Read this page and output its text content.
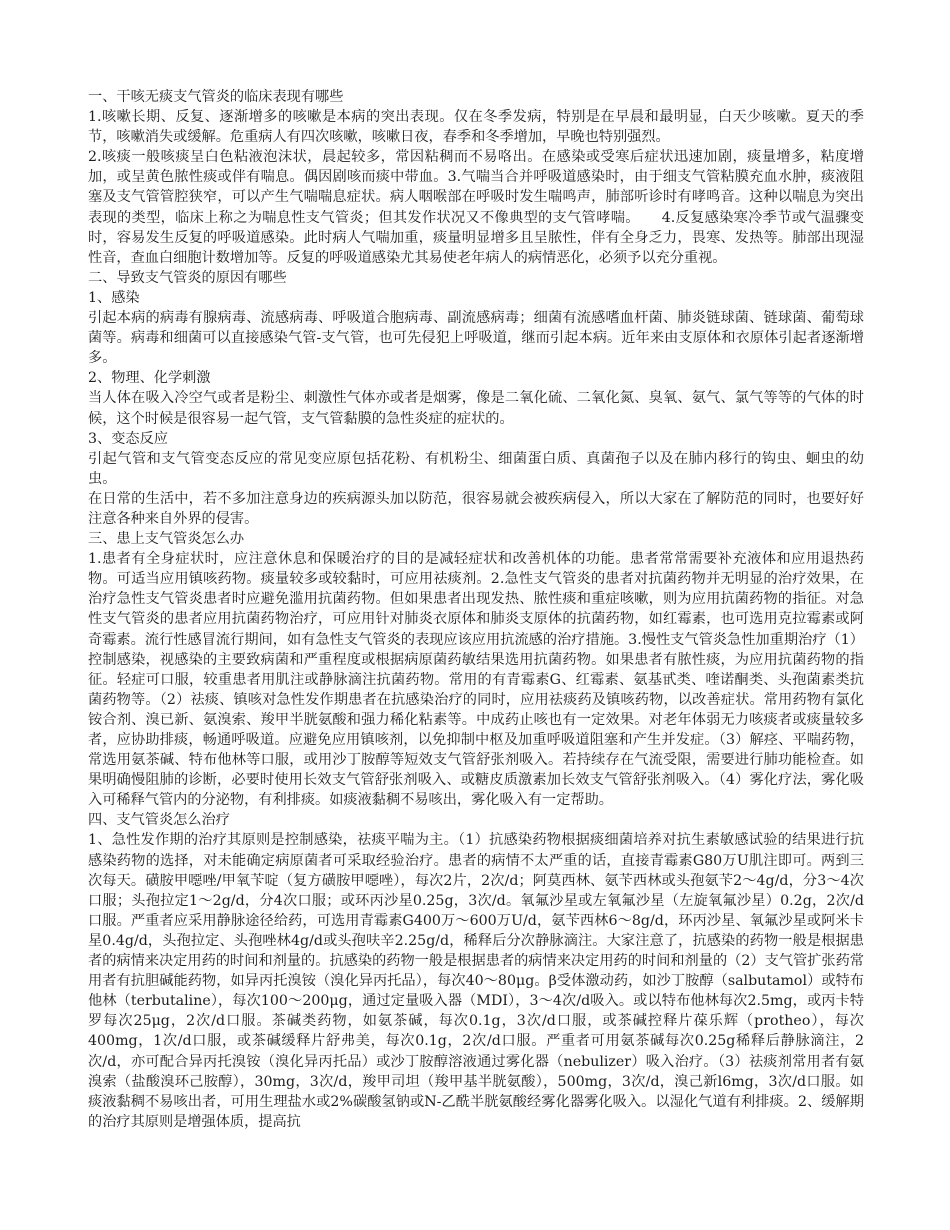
一、干咳无痰支气管炎的临床表现有哪些

1.咳嗽长期、反复、逐渐增多的咳嗽是本病的突出表现。仅在冬季发病，特别是在早晨和最明显，白天少咳嗽。夏天的季节，咳嗽消失或缓解。危重病人有四次咳嗽，咳嗽日夜，春季和冬季增加，早晚也特别强烈。

2.咳痰一般咳痰呈白色粘液泡沫状，晨起较多，常因粘稠而不易咯出。在感染或受寒后症状迅速加剧，痰量增多，粘度增加，或呈黄色脓性痰或伴有喘息。偶因剧咳而痰中带血。3.气喘当合并呼吸道感染时，由于细支气管粘膜充血水肿，痰液阻塞及支气管管腔狭窄，可以产生气喘喘息症状。病人咽喉部在呼吸时发生喘鸣声，肺部听诊时有哮鸣音。这种以喘息为突出表现的类型，临床上称之为喘息性支气管炎；但其发作状况又不像典型的支气管哮喘。　　4.反复感染寒冷季节或气温骤变时，容易发生反复的呼吸道感染。此时病人气喘加重，痰量明显增多且呈脓性，伴有全身乏力，畏寒、发热等。肺部出现湿性音，查血白细胞计数增加等。反复的呼吸道感染尤其易使老年病人的病情恶化，必须予以充分重视。

二、导致支气管炎的原因有哪些

1、感染

引起本病的病毒有腺病毒、流感病毒、呼吸道合胞病毒、副流感病毒；细菌有流感嗜血杆菌、肺炎链球菌、链球菌、葡萄球菌等。病毒和细菌可以直接感染气管-支气管，也可先侵犯上呼吸道，继而引起本病。近年来由支原体和衣原体引起者逐渐增多。

2、物理、化学刺激

当人体在吸入冷空气或者是粉尘、刺激性气体亦或者是烟雾，像是二氧化硫、二氧化氮、臭氧、氨气、氯气等等的气体的时候，这个时候是很容易一起气管，支气管黏膜的急性炎症的症状的。

3、变态反应

引起气管和支气管变态反应的常见变应原包括花粉、有机粉尘、细菌蛋白质、真菌孢子以及在肺内移行的钩虫、蛔虫的幼虫。

在日常的生活中，若不多加注意身边的疾病源头加以防范，很容易就会被疾病侵入，所以大家在了解防范的同时，也要好好注意各种来自外界的侵害。

三、患上支气管炎怎么办

1.患者有全身症状时，应注意休息和保暖治疗的目的是减轻症状和改善机体的功能。患者常常需要补充液体和应用退热药物。可适当应用镇咳药物。痰量较多或较黏时，可应用祛痰剂。2.急性支气管炎的患者对抗菌药物并无明显的治疗效果，在治疗急性支气管炎患者时应避免滥用抗菌药物。但如果患者出现发热、脓性痰和重症咳嗽，则为应用抗菌药物的指征。对急性支气管炎的患者应用抗菌药物治疗，可应用针对肺炎衣原体和肺炎支原体的抗菌药物，如红霉素，也可选用克拉霉素或阿奇霉素。流行性感冒流行期间，如有急性支气管炎的表现应该应用抗流感的治疗措施。3.慢性支气管炎急性加重期治疗（1）控制感染，视感染的主要致病菌和严重程度或根据病原菌药敏结果选用抗菌药物。如果患者有脓性痰，为应用抗菌药物的指征。轻症可口服，较重患者用肌注或静脉滴注抗菌药物。常用的有青霉素G、红霉素、氨基甙类、喹诺酮类、头孢菌素类抗菌药物等。（2）祛痰、镇咳对急性发作期患者在抗感染治疗的同时，应用祛痰药及镇咳药物，以改善症状。常用药物有氯化铵合剂、溴已新、氨溴索、羧甲半胱氨酸和强力稀化粘素等。中成药止咳也有一定效果。对老年体弱无力咳痰者或痰量较多者，应协助排痰，畅通呼吸道。应避免应用镇咳剂，以免抑制中枢及加重呼吸道阻塞和产生并发症。（3）解痉、平喘药物，常选用氨茶碱、特布他林等口服，或用沙丁胺醇等短效支气管舒张剂吸入。若持续存在气流受限，需要进行肺功能检查。如果明确慢阻肺的诊断，必要时使用长效支气管舒张剂吸入、或糖皮质激素加长效支气管舒张剂吸入。（4）雾化疗法，雾化吸入可稀释气管内的分泌物，有利排痰。如痰液黏稠不易咳出，雾化吸入有一定帮助。

四、支气管炎怎么治疗

1、急性发作期的治疗其原则是控制感染，祛痰平喘为主。（1）抗感染药物根据痰细菌培养对抗生素敏感试验的结果进行抗感染药物的选择，对未能确定病原菌者可采取经验治疗。患者的病情不太严重的话，直接青霉素G80万U肌注即可。两到三次每天。磺胺甲噁唑/甲氧苄啶（复方磺胺甲噁唑），每次2片，2次/d；阿莫西林、氨苄西林或头孢氨苄2～4g/d，分3～4次口服；头孢拉定1～2g/d，分4次口服；或环丙沙星0.25g，3次/d。氧氟沙星或左氧氟沙星（左旋氧氟沙星）0.2g，2次/d口服。严重者应采用静脉途径给药，可选用青霉素G400万～600万U/d，氨苄西林6～8g/d，环丙沙星、氧氟沙星或阿米卡星0.4g/d，头孢拉定、头孢唑林4g/d或头孢呋辛2.25g/d，稀释后分次静脉滴注。大家注意了，抗感染的药物一般是根据患者的病情来决定用药的时间和剂量的。抗感染的药物一般是根据患者的病情来决定用药的时间和剂量的（2）支气管扩张药常用者有抗胆碱能药物，如异丙托溴铵（溴化异丙托品），每次40～80μg。β受体激动药，如沙丁胺醇（salbutamol）或特布他林（terbutaline），每次100～200μg，通过定量吸入器（MDI），3～4次/d吸入。或以特布他林每次2.5mg，或丙卡特罗每次25μg，2次/d口服。茶碱类药物，如氨茶碱，每次0.1g，3次/d口服，或茶碱控释片葆乐辉（protheo），每次400mg，1次/d口服，或茶碱缓释片舒弗美，每次0.1g，2次/d口服。严重者可用氨茶碱每次0.25g稀释后静脉滴注，2次/d，亦可配合异丙托溴铵（溴化异丙托品）或沙丁胺醇溶液通过雾化器（nebulizer）吸入治疗。（3）祛痰剂常用者有氨溴索（盐酸溴环己胺醇），30mg，3次/d，羧甲司坦（羧甲基半胱氨酸），500mg，3次/d，溴己新l6mg，3次/d口服。如痰液黏稠不易咳出者，可用生理盐水或2%碳酸氢钠或N-乙酰半胱氨酸经雾化器雾化吸入。以湿化气道有利排痰。2、缓解期的治疗其原则是增强体质，提高抗
